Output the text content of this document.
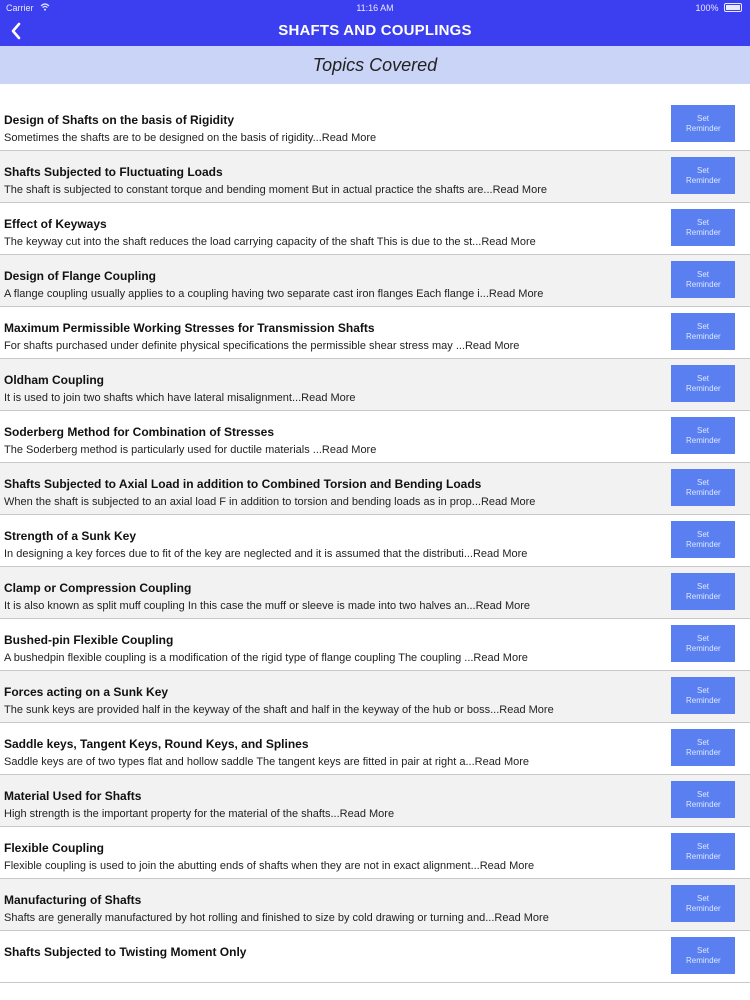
Carrier	11:16 AM	100%
SHAFTS AND COUPLINGS
Topics Covered
Design of Shafts on the basis of Rigidity
Sometimes the shafts are to be designed on the basis of rigidity...Read More
Set Reminder
Shafts Subjected to Fluctuating Loads
The shaft is subjected to constant torque and bending moment But in actual practice the shafts are...Read More
Set Reminder
Effect of Keyways
The keyway cut into the shaft reduces the load carrying capacity of the shaft This is due to the st...Read More
Set Reminder
Design of Flange Coupling
A flange coupling usually applies to a coupling having two separate cast iron flanges Each flange i...Read More
Set Reminder
Maximum Permissible Working Stresses for Transmission Shafts
For shafts purchased under definite physical specifications the permissible shear stress may ...Read More
Set Reminder
Oldham Coupling
It is used to join two shafts which have lateral misalignment...Read More
Set Reminder
Soderberg Method for Combination of Stresses
The Soderberg method is particularly used for ductile materials ...Read More
Set Reminder
Shafts Subjected to Axial Load in addition to Combined Torsion and Bending Loads
When the shaft is subjected to an axial load F in addition to torsion and bending loads as in prop...Read More
Set Reminder
Strength of a Sunk Key
In designing a key forces due to fit of the key are neglected and it is assumed that the distributi...Read More
Set Reminder
Clamp or Compression Coupling
It is also known as split muff coupling In this case the muff or sleeve is made into two halves an...Read More
Set Reminder
Bushed-pin Flexible Coupling
A bushedpin flexible coupling is a modification of the rigid type of flange coupling The coupling ...Read More
Set Reminder
Forces acting on a Sunk Key
The sunk keys are provided half in the keyway of the shaft and half in the keyway of the hub or boss...Read More
Set Reminder
Saddle keys, Tangent Keys, Round Keys, and Splines
Saddle keys are of two types flat and hollow saddle The tangent keys are fitted in pair at right a...Read More
Set Reminder
Material Used for Shafts
High strength is the important property for the material of the shafts...Read More
Set Reminder
Flexible Coupling
Flexible coupling is used to join the abutting ends of shafts when they are not in exact alignment...Read More
Set Reminder
Manufacturing of Shafts
Shafts are generally manufactured by hot rolling and finished to size by cold drawing or turning and...Read More
Set Reminder
Shafts Subjected to Twisting Moment Only	Set Reminder
